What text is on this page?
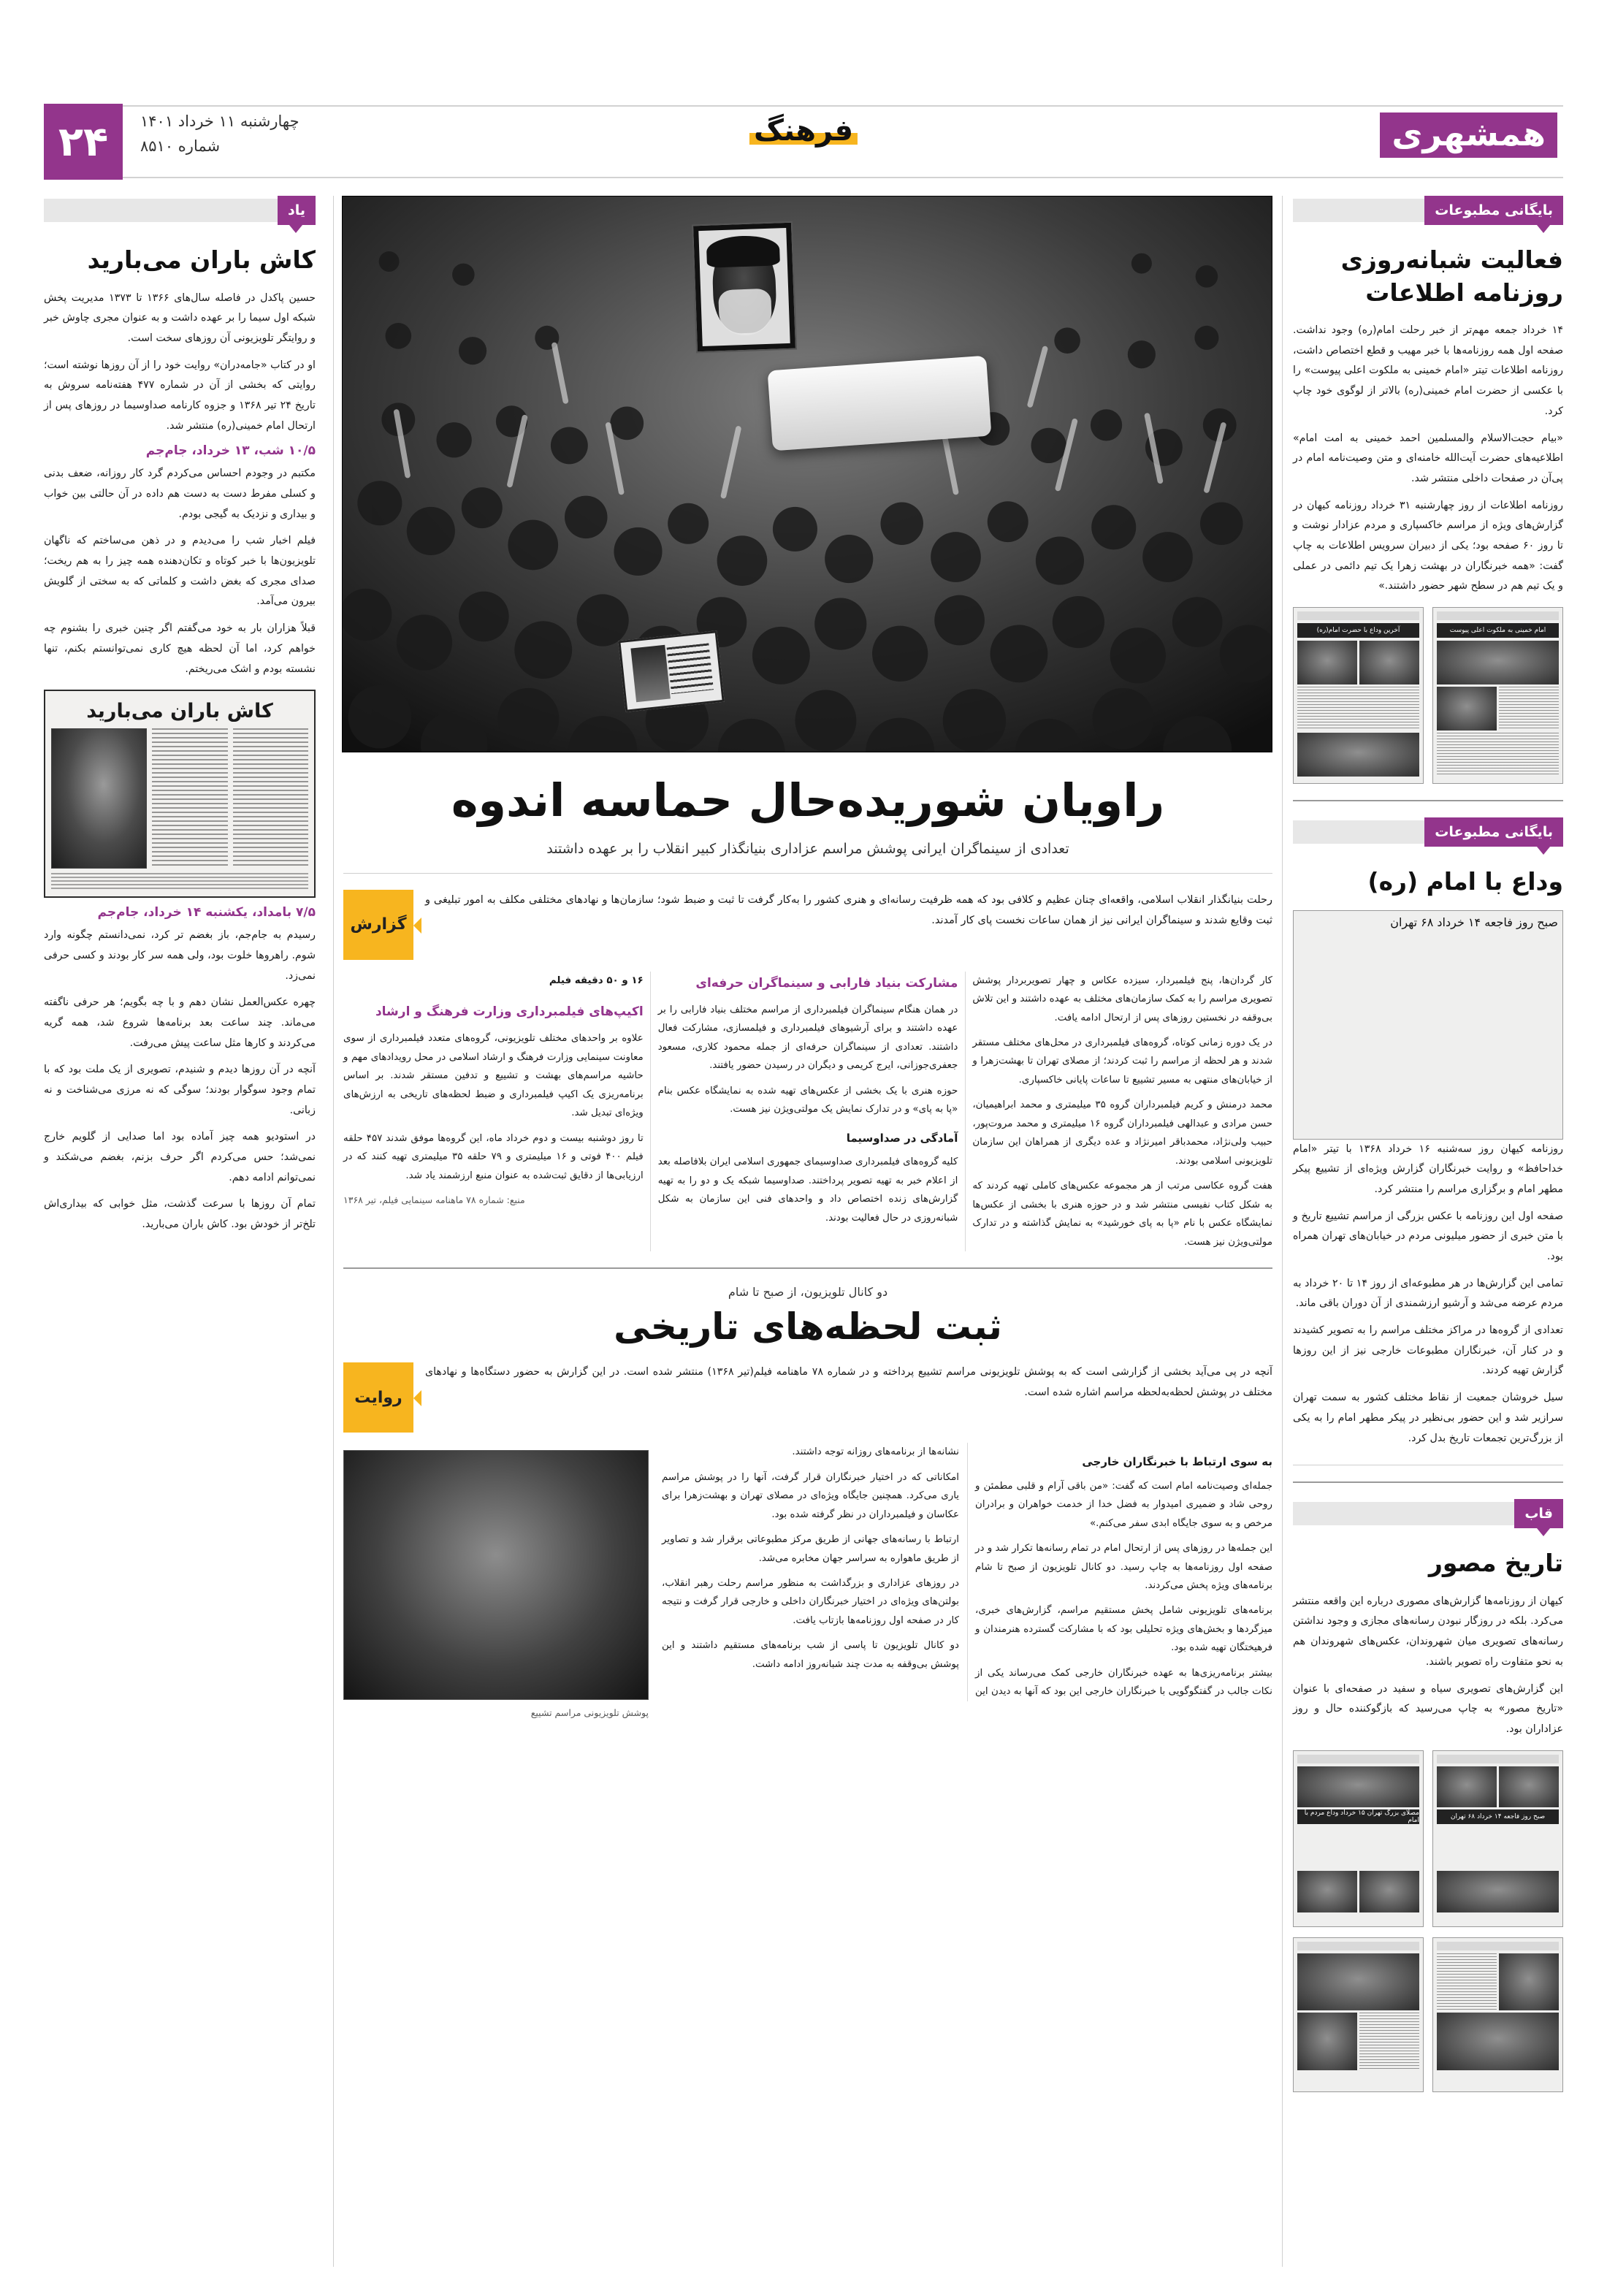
همشهری
فرهنگ
چهارشنبه ۱۱ خرداد ۱۴۰۱
شماره ۸۵۱۰
۲۴
بایگانی مطبوعات
فعالیت شبانه‌روزی روزنامه اطلاعات

۱۴ خرداد جمعه مهم‌تر از خبر رحلت امام(ره) وجود نداشت. صفحه اول همه روزنامه‌ها با خبر مهیب و قطع اختصاص داشت، روزنامه اطلاعات تیتر «امام خمینی به ملکوت اعلی پیوست» را با عکسی از حضرت امام خمینی(ره) بالاتر از لوگوی خود چاپ کرد.

«بیام حجت‌الاسلام والمسلمین احمد خمینی به امت امام» اطلاعیه‌های حضرت آیت‌الله خامنه‌ای و متن وصیت‌نامه امام در پی‌آن در صفحات داخلی منتشر شد.

روزنامه اطلاعات از روز چهارشنبه ۳۱ خرداد روزنامه کیهان در گزارش‌های ویژه از مراسم خاکسپاری و مردم عزادار نوشت و تا روز ۶۰ صفحه بود؛ یکی از دبیران سرویس اطلاعات به چاپ گفت: «همه خبرنگاران در بهشت زهرا یک تیم دائمی در عملی و یک تیم هم در سطح شهر حضور داشتند.»

امام خمینی به ملکوت اعلی پیوست
آخرین وداع با حضرت امام(ره)
بایگانی مطبوعات
وداع با امام (ره)
صبح روز فاجعه ۱۴ خرداد ۶۸ تهران

روزنامه کیهان روز سه‌شنبه ۱۶ خرداد ۱۳۶۸ با تیتر «امام خداحافظ» و روایت خبرنگاران گزارش ویژه‌ای از تشییع پیکر مطهر امام و برگزاری مراسم را منتشر کرد.

صفحه اول این روزنامه با عکس بزرگی از مراسم تشییع تاریخ و با متن خبری از حضور میلیونی مردم در خیابان‌های تهران همراه بود.

تمامی این گزارش‌ها در هر مطبوعه‌ای از روز ۱۴ تا ۲۰ خرداد به مردم عرضه می‌شد و آرشیو ارزشمندی از آن دوران باقی ماند.

تعدادی از گروه‌ها در مراکز مختلف مراسم را به تصویر کشیدند و در کنار آن، خبرنگاران مطبوعات خارجی نیز از این روزها گزارش تهیه کردند.

سیل خروشان جمعیت از نقاط مختلف کشور به سمت تهران سرازیر شد و این حضور بی‌نظیر در پیکر مطهر امام را به یکی از بزرگ‌ترین تجمعات تاریخ بدل کرد.

قاب
تاریخ مصور

کیهان از روزنامه‌ها گزارش‌های مصوری درباره این واقعه منتشر می‌کرد. بلکه در روزگار نبودن رسانه‌های مجازی و وجود نداشتن رسانه‌های تصویری میان شهروندان، عکس‌های شهروندان هم به نحو متفاوت راه تصویر باشند.

این گزارش‌های تصویری سیاه و سفید در صفحه‌ای با عنوان «تاریخ مصور» به چاپ می‌رسید که بازگوکننده حال و روز عزاداران بود.

صبح روز فاجعه ۱۴ خرداد ۶۸ تهران
مصلای بزرگ تهران ۱۵ خرداد وداع مردم با امام
راویان شوریده‌حال حماسه اندوه
تعدادی از سینماگران ایرانی پوشش مراسم عزاداری بنیانگذار کبیر انقلاب را بر عهده داشتند
رحلت بنیانگذار انقلاب اسلامی، واقعه‌ای چنان عظیم و کلافی بود که همه ظرفیت رسانه‌ای و هنری کشور را به‌کار گرفت تا ثبت و ضبط شود؛ سازمان‌ها و نهادهای مختلفی مکلف به امور تبلیغی و ثبت وقایع شدند و سینماگران ایرانی نیز از همان ساعات نخست پای کار آمدند.
گزارش

کار گردان‌ها، پنج فیلمبردار، سیزده عکاس و چهار تصویربردار پوشش تصویری مراسم را به کمک سازمان‌های مختلف به عهده داشتند و این تلاش بی‌وقفه در نخستین روزهای پس از ارتحال ادامه یافت.

در یک دوره زمانی کوتاه، گروه‌های فیلمبرداری در محل‌های مختلف مستقر شدند و هر لحظه از مراسم را ثبت کردند؛ از مصلای تهران تا بهشت‌زهرا و از خیابان‌های منتهی به مسیر تشییع تا ساعات پایانی خاکسپاری.

محمد درمنش و کریم فیلمبرداران گروه ۳۵ میلیمتری و محمد ابراهیمیان، حسن مرادی و عبدالهی فیلمبرداران گروه ۱۶ میلیمتری و محمد مروت‌پور، حبیب ولی‌نژاد، محمدباقر امیرنژاد و عده دیگری از همراهان این سازمان تلویزیونی اسلامی بودند.

هفت گروه عکاسی مرتب از هر مجموعه عکس‌های کاملی تهیه کردند که به شکل کتاب نفیسی منتشر شد و در حوزه هنری با بخشی از عکس‌ها نمایشگاه عکس با نام «پا به پای خورشید» به نمایش گذاشته و در تدارک مولتی‌ویژن نیز هست.

مشارکت بنیاد فارابی و سینماگران حرفه‌ای

در همان هنگام سینماگران فیلمبرداری از مراسم مختلف بنیاد فارابی را بر عهده داشتند و برای آرشیو‌های فیلمبرداری و فیلمسازی، مشارکت فعال داشتند. تعدادی از سینماگران حرفه‌ای از جمله محمود کلاری، مسعود جعفری‌جوزانی، ایرج کریمی و دیگران در رسیدن حضور یافتند.

حوزه هنری با یک بخشی از عکس‌های تهیه شده به نمایشگاه عکس بنام «پا به پای» و در تدارک نمایش یک مولتی‌ویژن نیز هست.

آمادگی در صداوسیما

کلیه گروه‌های فیلمبرداری صداوسیمای جمهوری اسلامی ایران بلافاصله بعد از اعلام خبر به تهیه تصویر پرداختند. صداوسیما شبکه یک و دو را به تهیه گزارش‌های زنده اختصاص داد و واحدهای فنی این سازمان به شکل شبانه‌روزی در حال فعالیت بودند.

۱۶ و ۵۰ دقیقه فیلم

اکیپ‌های فیلمبرداری وزارت فرهنگ و ارشاد

علاوه بر واحدهای مختلف تلویزیونی، گروه‌های متعدد فیلمبرداری از سوی معاونت سینمایی وزارت فرهنگ و ارشاد اسلامی در محل رویدادهای مهم و حاشیه مراسم‌های بهشت و تشییع و تدفین مستقر شدند. بر اساس برنامه‌ریزی یک اکیپ فیلمبرداری و ضبط لحظه‌های تاریخی به ارزش‌های ویژه‌ای تبدیل شد.

تا روز دوشنبه بیست و دوم خرداد ماه، این گروه‌ها موفق شدند ۴۵۷ حلقه فیلم ۴۰۰ فوتی و ۱۶ میلیمتری و ۷۹ حلقه ۳۵ میلیمتری تهیه کنند که در ارزیابی‌ها از دقایق ثبت‌شده به عنوان منبع ارزشمند یاد شد.

منبع: شماره ۷۸ ماهنامه سینمایی فیلم، تیر ۱۳۶۸
دو کانال تلویزیون، از صبح تا شام
ثبت لحظه‌های تاریخی
آنچه در پی می‌آید بخشی از گزارشی است که به پوشش تلویزیونی مراسم تشییع پرداخته و در شماره ۷۸ ماهنامه فیلم(تیر ۱۳۶۸) منتشر شده است. در این گزارش به حضور دستگاه‌ها و نهادهای مختلف در پوشش لحظه‌به‌لحظه مراسم اشاره شده است.
روایت
به سوی ارتباط با خبرنگاران خارجی

جمله‌ای وصیت‌نامه امام است که گفت: «من باقی آرام و قلبی مطمئن و روحی شاد و ضمیری امیدوار به فضل خدا از خدمت خواهران و برادران مرخص و به سوی جایگاه ابدی سفر می‌کنم.»

این جمله‌ها در روزهای پس از ارتحال امام در تمام رسانه‌ها تکرار شد و در صفحه اول روزنامه‌ها به چاپ رسید. دو کانال تلویزیون از صبح تا شام برنامه‌های ویژه پخش می‌کردند.

برنامه‌های تلویزیونی شامل پخش مستقیم مراسم، گزارش‌های خبری، میزگردها و بخش‌های ویژه تحلیلی بود که با مشارکت گسترده هنرمندان و فرهیختگان تهیه شده بود.

بیشتر برنامه‌ریزی‌ها به عهده خبرنگاران خارجی کمک می‌رساند یکی از نکات جالب در گفتگو‌گویی با خبرنگاران خارجی این بود که آنها به دیدن این نشانه‌ها از برنامه‌های روزانه توجه داشتند.

امکاناتی که در اختیار خبرنگاران قرار گرفت، آنها را در پوشش مراسم یاری می‌کرد. همچنین جایگاه ویژه‌ای در مصلای تهران و بهشت‌زهرا برای عکاسان و فیلمبرداران در نظر گرفته شده بود.

ارتباط با رسانه‌های جهانی از طریق مرکز مطبوعاتی برقرار شد و تصاویر از طریق ماهواره به سراسر جهان مخابره می‌شد.

در روزهای عزاداری و بزرگداشت به منظور مراسم رحلت رهبر انقلاب، بولتن‌های ویژه‌ای در اختیار خبرنگاران داخلی و خارجی قرار گرفت و نتیجه کار در صفحه اول روزنامه‌ها بازتاب یافت.

دو کانال تلویزیون تا پاسی از شب برنامه‌های مستقیم داشتند و این پوشش بی‌وقفه به مدت چند شبانه‌روز ادامه داشت.

پوشش تلویزیونی مراسم تشییع
یاد
کاش باران می‌بارید

حسین پاکدل در فاصله سال‌های ۱۳۶۶ تا ۱۳۷۳ مدیریت پخش شبکه اول سیما را بر عهده داشت و به عنوان مجری چاوش خبر و روایتگر تلویزیونی آن روزهای سخت است.

او در کتاب «جامه‌دران» روایت خود را از آن روزها نوشته است؛ روایتی که بخشی از آن در شماره ۴۷۷ هفته‌نامه سروش به تاریخ ۲۴ تیر ۱۳۶۸ و جزوه کارنامه صداوسیما در روزهای پس از ارتحال امام خمینی(ره) منتشر شد.

۱۰/۵ شب، ۱۳ خرداد، جام‌جم

مکتبم در وجودم احساس می‌کردم گرد کار روزانه، ضعف بدنی و کسلی مفرط دست به دست هم داده در آن حالتی بین خواب و بیداری و نزدیک به گیجی بودم.

فیلم اخبار شب را می‌دیدم و در ذهن می‌ساختم که ناگهان تلویزیون‌ها با خبر کوتاه و تکان‌دهنده همه چیز را به هم ریخت؛ صدای مجری که بغض داشت و کلماتی که به سختی از گلویش بیرون می‌آمد.

قبلاً هزاران بار به خود می‌گفتم اگر چنین خبری را بشنوم چه خواهم کرد، اما آن لحظه هیچ کاری نمی‌توانستم بکنم، تنها نشسته بودم و اشک می‌ریختم.

کاش باران می‌بارید
۷/۵ بامداد، یکشنبه ۱۴ خرداد، جام‌جم

رسیدم به جام‌جم، باز بغضم تر کرد، نمی‌دانستم چگونه وارد شوم. راهروها خلوت بود، ولی همه سر کار بودند و کسی حرفی نمی‌زد.

چهره عکس‌العمل نشان دهم و با چه بگویم؛ هر حرفی ناگفته می‌ماند. چند ساعت بعد برنامه‌ها شروع شد، همه گریه می‌کردند و کارها مثل ساعت پیش می‌رفت.

آنچه در آن روزها دیدم و شنیدم، تصویری از یک ملت بود که با تمام وجود سوگوار بودند؛ سوگی که نه مرزی می‌شناخت و نه زبانی.

در استودیو همه چیز آماده بود اما صدایی از گلویم خارج نمی‌شد؛ حس می‌کردم اگر حرف بزنم، بغضم می‌شکند و نمی‌توانم ادامه دهم.

تمام آن روزها با سرعت گذشت، مثل خوابی که بیداری‌اش تلخ‌تر از خودش بود. کاش باران می‌بارید.
